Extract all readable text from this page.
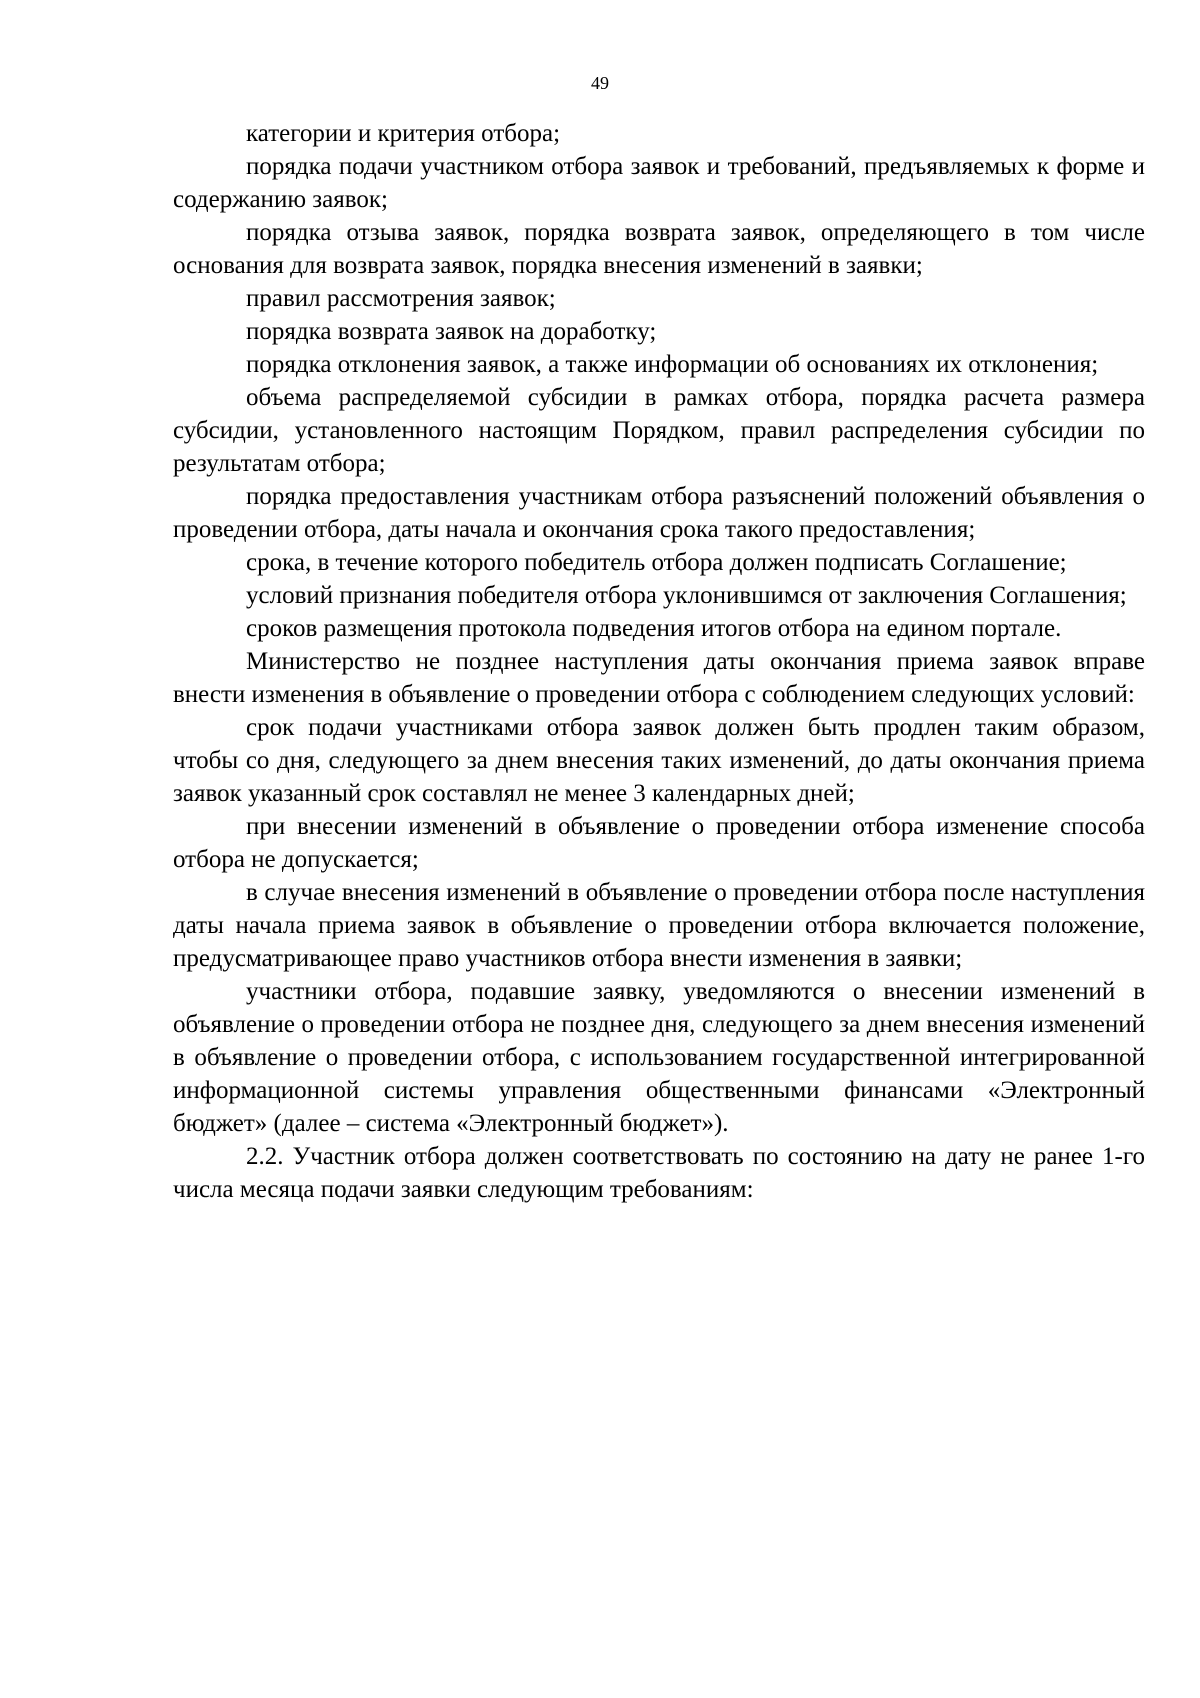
49

категории и критерия отбора;

порядка подачи участником отбора заявок и требований, предъявляемых к форме и содержанию заявок;

порядка отзыва заявок, порядка возврата заявок, определяющего в том числе основания для возврата заявок, порядка внесения изменений в заявки;

правил рассмотрения заявок;

порядка возврата заявок на доработку;

порядка отклонения заявок, а также информации об основаниях их отклонения;

объема распределяемой субсидии в рамках отбора, порядка расчета размера субсидии, установленного настоящим Порядком, правил распределения субсидии по результатам отбора;

порядка предоставления участникам отбора разъяснений положений объявления о проведении отбора, даты начала и окончания срока такого предоставления;

срока, в течение которого победитель отбора должен подписать Соглашение;

условий признания победителя отбора уклонившимся от заключения Соглашения;

сроков размещения протокола подведения итогов отбора на едином портале.

Министерство не позднее наступления даты окончания приема заявок вправе внести изменения в объявление о проведении отбора с соблюдением следующих условий:

срок подачи участниками отбора заявок должен быть продлен таким образом, чтобы со дня, следующего за днем внесения таких изменений, до даты окончания приема заявок указанный срок составлял не менее 3 календарных дней;

при внесении изменений в объявление о проведении отбора изменение способа отбора не допускается;

в случае внесения изменений в объявление о проведении отбора после наступления даты начала приема заявок в объявление о проведении отбора включается положение, предусматривающее право участников отбора внести изменения в заявки;

участники отбора, подавшие заявку, уведомляются о внесении изменений в объявление о проведении отбора не позднее дня, следующего за днем внесения изменений в объявление о проведении отбора, с использованием государственной интегрированной информационной системы управления общественными финансами «Электронный бюджет» (далее – система «Электронный бюджет»).

2.2. Участник отбора должен соответствовать по состоянию на дату не ранее 1-го числа месяца подачи заявки следующим требованиям:
